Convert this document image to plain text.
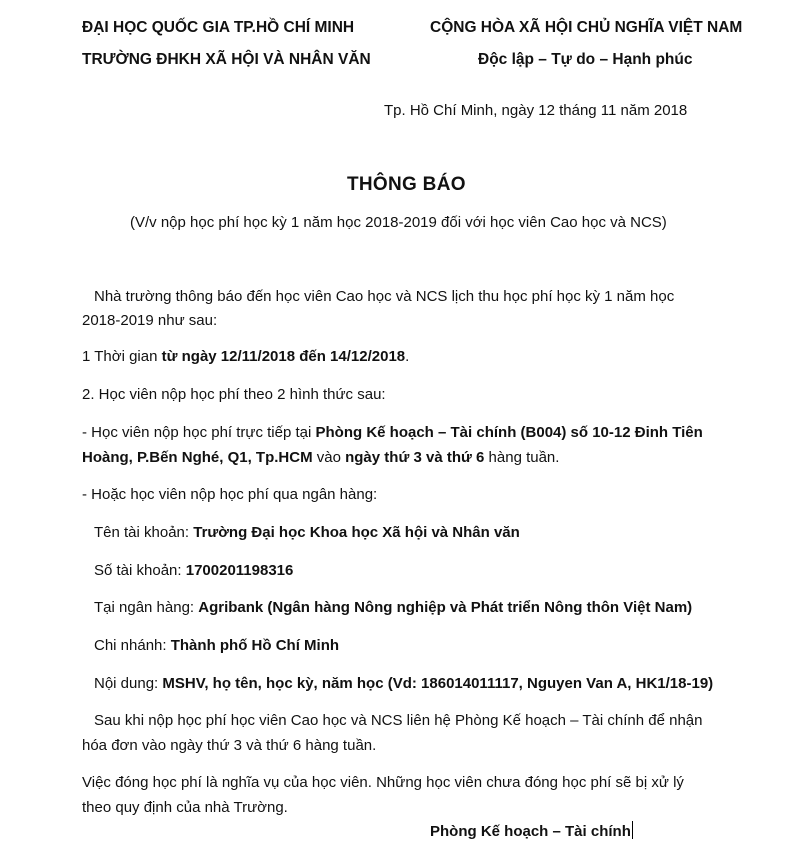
ĐẠI HỌC QUỐC GIA TP.HỒ CHÍ MINH
TRƯỜNG ĐHKH XÃ HỘI VÀ NHÂN VĂN
CỘNG HÒA XÃ HỘI CHỦ NGHĨA VIỆT NAM
Độc lập – Tự do – Hạnh phúc
Tp. Hồ Chí Minh, ngày 12 tháng 11 năm 2018
THÔNG BÁO
(V/v nộp học phí học kỳ 1 năm học 2018-2019 đối với học viên Cao học và NCS)
Nhà trường thông báo đến học viên Cao học và NCS lịch thu học phí học kỳ 1 năm học
2018-2019 như sau:
1 Thời gian từ ngày 12/11/2018 đến 14/12/2018.
2. Học viên nộp học phí theo 2 hình thức sau:
- Học viên nộp học phí trực tiếp tại Phòng Kế hoạch – Tài chính (B004) số 10-12 Đinh Tiên
Hoàng, P.Bến Nghé, Q1, Tp.HCM vào ngày thứ 3 và thứ 6 hàng tuần.
- Hoặc học viên nộp học phí qua ngân hàng:
Tên tài khoản: Trường Đại học Khoa học Xã hội và Nhân văn
Số tài khoản: 1700201198316
Tại ngân hàng: Agribank (Ngân hàng Nông nghiệp và Phát triển Nông thôn Việt Nam)
Chi nhánh: Thành phố Hồ Chí Minh
Nội dung: MSHV, họ tên, học kỳ, năm học (Vd: 186014011117, Nguyen Van A, HK1/18-19)
Sau khi nộp học phí học viên Cao học và NCS liên hệ Phòng Kế hoạch – Tài chính để nhận
hóa đơn vào ngày thứ 3 và thứ 6 hàng tuần.
Việc đóng học phí là nghĩa vụ của học viên. Những học viên chưa đóng học phí sẽ bị xử lý
theo quy định của nhà Trường.
Phòng Kế hoạch – Tài chính
